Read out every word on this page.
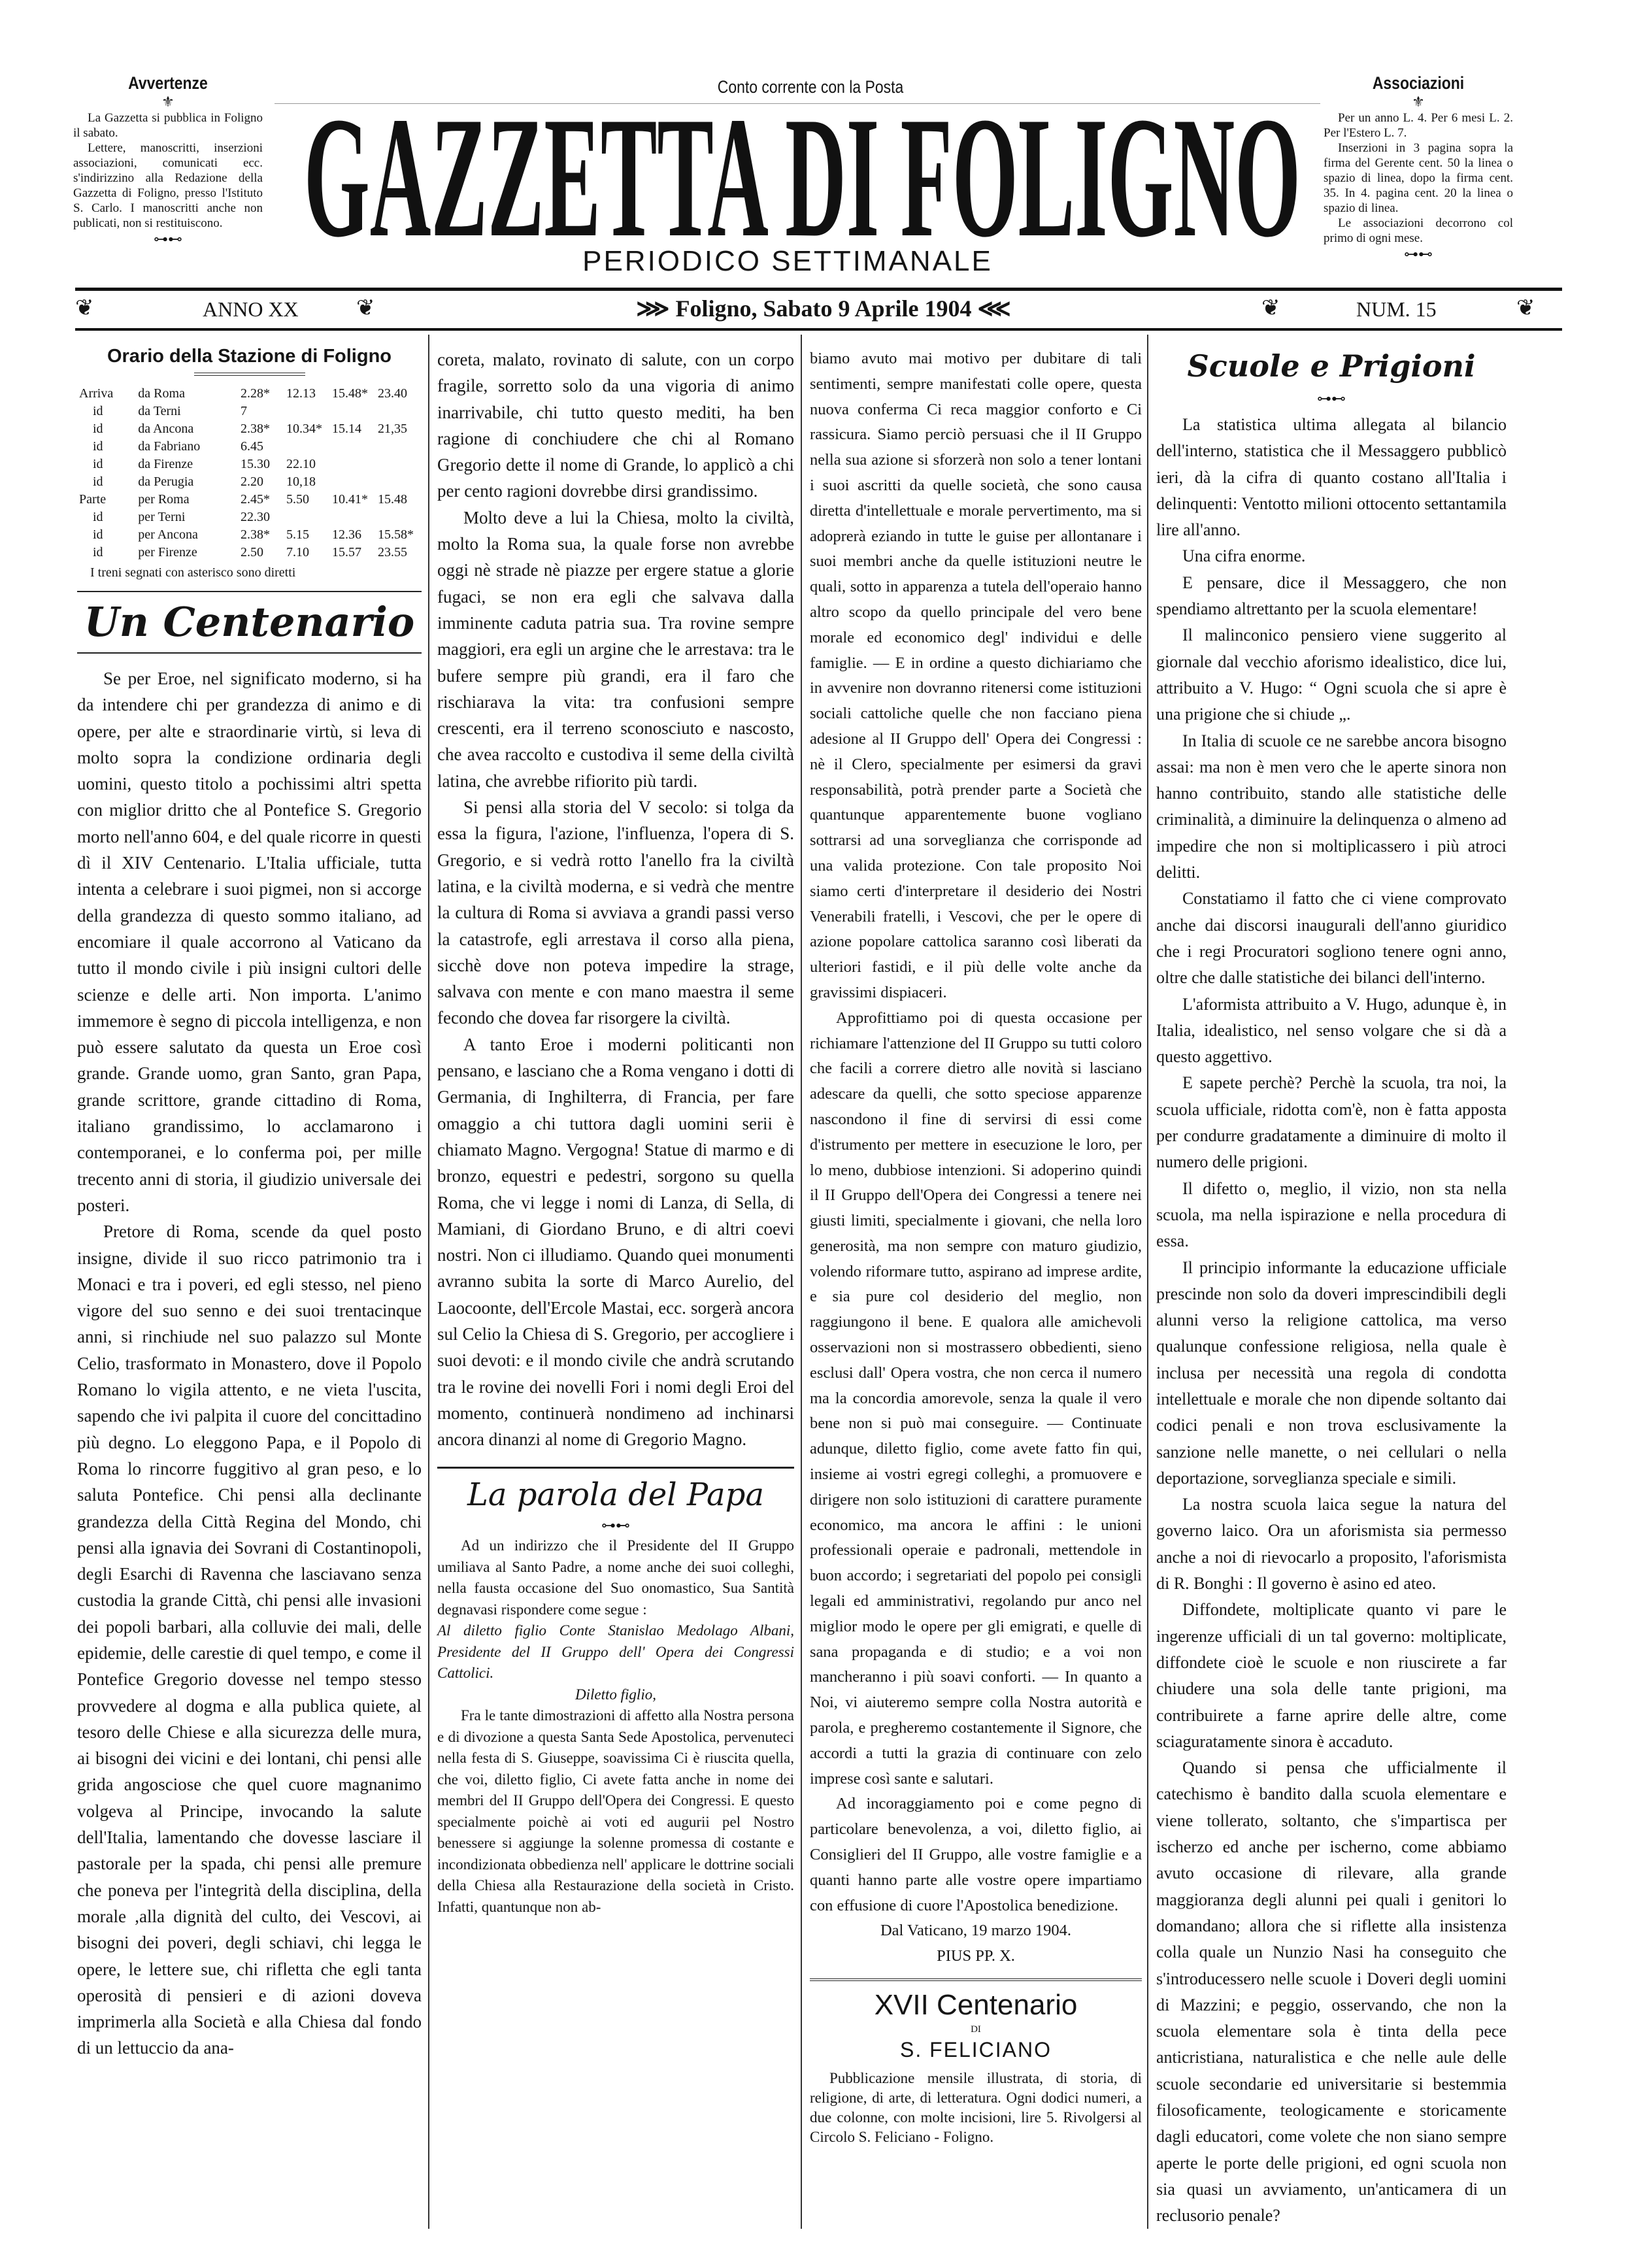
Avvertenze
⚜

La Gazzetta si pubblica in Foligno il sabato.

Lettere, manoscritti, inserzioni associazioni, comunicati ecc. s'indirizzino alla Redazione della Gazzetta di Foligno, presso l'Istituto S. Carlo. I manoscritti anche non publicati, non si restituiscono.

⊶⊷
Conto corrente con la Posta
GAZZETTA DI FOLIGNO
PERIODICO SETTIMANALE
Associazioni
⚜

Per un anno L. 4. Per 6 mesi L. 2. Per l'Estero L. 7.

Inserzioni in 3 pagina sopra la firma del Gerente cent. 50 la linea o spazio di linea, dopo la firma cent. 35. In 4. pagina cent. 20 la linea o spazio di linea.

Le associazioni decorrono col primo di ogni mese.

⊶⊷
❦	ANNO XX	❦	⋙ Foligno, Sabato 9 Aprile 1904 ⋘	❦	NUM. 15	❦
Orario della Stazione di Foligno
Arriva	da Roma	2.28*	12.13	15.48*	23.40
id	da Terni	7			
id	da Ancona	2.38*	10.34*	15.14	21,35
id	da Fabriano	6.45			
id	da Firenze	15.30	22.10		
id	da Perugia	2.20	10,18		
Parte	per Roma	2.45*	5.50	10.41*	15.48
id	per Terni	22.30			
id	per Ancona	2.38*	5.15	12.36	15.58*
id	per Firenze	2.50	7.10	15.57	23.55
I treni segnati con asterisco sono diretti
Un Centenario

Se per Eroe, nel significato moderno, si ha da intendere chi per grandezza di animo e di opere, per alte e straordinarie virtù, si leva di molto sopra la condizione ordinaria degli uomini, questo titolo a pochissimi altri spetta con miglior dritto che al Pontefice S. Gregorio morto nell'anno 604, e del quale ricorre in questi dì il XIV Centenario. L'Italia ufficiale, tutta intenta a celebrare i suoi pigmei, non si accorge della grandezza di questo sommo italiano, ad encomiare il quale accorrono al Vaticano da tutto il mondo civile i più insigni cultori delle scienze e delle arti. Non importa. L'animo immemore è segno di piccola intelligenza, e non può essere salutato da questa un Eroe così grande. Grande uomo, gran Santo, gran Papa, grande scrittore, grande cittadino di Roma, italiano grandissimo, lo acclamarono i contemporanei, e lo conferma poi, per mille trecento anni di storia, il giudizio universale dei posteri.

Pretore di Roma, scende da quel posto insigne, divide il suo ricco patrimonio tra i Monaci e tra i poveri, ed egli stesso, nel pieno vigore del suo senno e dei suoi trentacinque anni, si rinchiude nel suo palazzo sul Monte Celio, trasformato in Monastero, dove il Popolo Romano lo vigila attento, e ne vieta l'uscita, sapendo che ivi palpita il cuore del concittadino più degno. Lo eleggono Papa, e il Popolo di Roma lo rincorre fuggitivo al gran peso, e lo saluta Pontefice. Chi pensi alla declinante grandezza della Città Regina del Mondo, chi pensi alla ignavia dei Sovrani di Costantinopoli, degli Esarchi di Ravenna che lasciavano senza custodia la grande Città, chi pensi alle invasioni dei popoli barbari, alla colluvie dei mali, delle epidemie, delle carestie di quel tempo, e come il Pontefice Gregorio dovesse nel tempo stesso provvedere al dogma e alla publica quiete, al tesoro delle Chiese e alla sicurezza delle mura, ai bisogni dei vicini e dei lontani, chi pensi alle grida angosciose che quel cuore magnanimo volgeva al Principe, invocando la salute dell'Italia, lamentando che dovesse lasciare il pastorale per la spada, chi pensi alle premure che poneva per l'integrità della disciplina, della morale ,alla dignità del culto, dei Vescovi, ai bisogni dei poveri, degli schiavi, chi legga le opere, le lettere sue, chi rifletta che egli tanta operosità di pensieri e di azioni doveva imprimerla alla Società e alla Chiesa dal fondo di un lettuccio da ana-

coreta, malato, rovinato di salute, con un corpo fragile, sorretto solo da una vigoria di animo inarrivabile, chi tutto questo mediti, ha ben ragione di conchiudere che chi al Romano Gregorio dette il nome di Grande, lo applicò a chi per cento ragioni dovrebbe dirsi grandissimo.

Molto deve a lui la Chiesa, molto la civiltà, molto la Roma sua, la quale forse non avrebbe oggi nè strade nè piazze per ergere statue a glorie fugaci, se non era egli che salvava dalla imminente caduta patria sua. Tra rovine sempre maggiori, era egli un argine che le arrestava: tra le bufere sempre più grandi, era il faro che rischiarava la vita: tra confusioni sempre crescenti, era il terreno sconosciuto e nascosto, che avea raccolto e custodiva il seme della civiltà latina, che avrebbe rifiorito più tardi.

Si pensi alla storia del V secolo: si tolga da essa la figura, l'azione, l'influenza, l'opera di S. Gregorio, e si vedrà rotto l'anello fra la civiltà latina, e la civiltà moderna, e si vedrà che mentre la cultura di Roma si avviava a grandi passi verso la catastrofe, egli arrestava il corso alla piena, sicchè dove non poteva impedire la strage, salvava con mente e con mano maestra il seme fecondo che dovea far risorgere la civiltà.

A tanto Eroe i moderni politicanti non pensano, e lasciano che a Roma vengano i dotti di Germania, di Inghilterra, di Francia, per fare omaggio a chi tuttora dagli uomini serii è chiamato Magno. Vergogna! Statue di marmo e di bronzo, equestri e pedestri, sorgono su quella Roma, che vi legge i nomi di Lanza, di Sella, di Mamiani, di Giordano Bruno, e di altri coevi nostri. Non ci illudiamo. Quando quei monumenti avranno subita la sorte di Marco Aurelio, del Laocoonte, dell'Ercole Mastai, ecc. sorgerà ancora sul Celio la Chiesa di S. Gregorio, per accogliere i suoi devoti: e il mondo civile che andrà scrutando tra le rovine dei novelli Fori i nomi degli Eroi del momento, continuerà nondimeno ad inchinarsi ancora dinanzi al nome di Gregorio Magno.

La parola del Papa
⊶⊷

Ad un indirizzo che il Presidente del II Gruppo umiliava al Santo Padre, a nome anche dei suoi colleghi, nella fausta occasione del Suo onomastico, Sua Santità degnavasi rispondere come segue :

Al diletto figlio Conte Stanislao Medolago Albani, Presidente del II Gruppo dell' Opera dei Congressi Cattolici.

Diletto figlio,

Fra le tante dimostrazioni di affetto alla Nostra persona e di divozione a questa Santa Sede Apostolica, pervenuteci nella festa di S. Giuseppe, soavissima Ci è riuscita quella, che voi, diletto figlio, Ci avete fatta anche in nome dei membri del II Gruppo dell'Opera dei Congressi. E questo specialmente poichè ai voti ed augurii pel Nostro benessere si aggiunge la solenne promessa di costante e incondizionata obbedienza nell' applicare le dottrine sociali della Chiesa alla Restaurazione della società in Cristo. Infatti, quantunque non ab-

biamo avuto mai motivo per dubitare di tali sentimenti, sempre manifestati colle opere, questa nuova conferma Ci reca maggior conforto e Ci rassicura. Siamo perciò persuasi che il II Gruppo nella sua azione si sforzerà non solo a tener lontani i suoi ascritti da quelle società, che sono causa diretta d'intellettuale e morale pervertimento, ma si adoprerà eziando in tutte le guise per allontanare i suoi membri anche da quelle istituzioni neutre le quali, sotto in apparenza a tutela dell'operaio hanno altro scopo da quello principale del vero bene morale ed economico degl' individui e delle famiglie. — E in ordine a questo dichiariamo che in avvenire non dovranno ritenersi come istituzioni sociali cattoliche quelle che non facciano piena adesione al II Gruppo dell' Opera dei Congressi : nè il Clero, specialmente per esimersi da gravi responsabilità, potrà prender parte a Società che quantunque apparentemente buone vogliano sottrarsi ad una sorveglianza che corrisponde ad una valida protezione. Con tale proposito Noi siamo certi d'interpretare il desiderio dei Nostri Venerabili fratelli, i Vescovi, che per le opere di azione popolare cattolica saranno così liberati da ulteriori fastidi, e il più delle volte anche da gravissimi dispiaceri.

Approfittiamo poi di questa occasione per richiamare l'attenzione del II Gruppo su tutti coloro che facili a correre dietro alle novità si lasciano adescare da quelli, che sotto speciose apparenze nascondono il fine di servirsi di essi come d'istrumento per mettere in esecuzione le loro, per lo meno, dubbiose intenzioni. Si adoperino quindi il II Gruppo dell'Opera dei Congressi a tenere nei giusti limiti, specialmente i giovani, che nella loro generosità, ma non sempre con maturo giudizio, volendo riformare tutto, aspirano ad imprese ardite, e sia pure col desiderio del meglio, non raggiungono il bene. E qualora alle amichevoli osservazioni non si mostrassero obbedienti, sieno esclusi dall' Opera vostra, che non cerca il numero ma la concordia amorevole, senza la quale il vero bene non si può mai conseguire. — Continuate adunque, diletto figlio, come avete fatto fin qui, insieme ai vostri egregi colleghi, a promuovere e dirigere non solo istituzioni di carattere puramente economico, ma ancora le affini : le unioni professionali operaie e padronali, mettendole in buon accordo; i segretariati del popolo pei consigli legali ed amministrativi, regolando pur anco nel miglior modo le opere per gli emigrati, e quelle di sana propaganda e di studio; e a voi non mancheranno i più soavi conforti. — In quanto a Noi, vi aiuteremo sempre colla Nostra autorità e parola, e pregheremo costantemente il Signore, che accordi a tutti la grazia di continuare con zelo imprese così sante e salutari.

Ad incoraggiamento poi e come pegno di particolare benevolenza, a voi, diletto figlio, ai Consiglieri del II Gruppo, alle vostre famiglie e a quanti hanno parte alle vostre opere impartiamo con effusione di cuore l'Apostolica benedizione.

Dal Vaticano, 19 marzo 1904.

PIUS PP. X.

XVII Centenario
DI
S. FELICIANO
Pubblicazione mensile illustrata, di storia, di religione, di arte, di letteratura. Ogni dodici numeri, a due colonne, con molte incisioni, lire 5. Rivolgersi al Circolo S. Feliciano - Foligno.
Scuole e Prigioni
⊶⊷

La statistica ultima allegata al bilancio dell'interno, statistica che il Messaggero pubblicò ieri, dà la cifra di quanto costano all'Italia i delinquenti: Ventotto milioni ottocento settantamila lire all'anno.

Una cifra enorme.

E pensare, dice il Messaggero, che non spendiamo altrettanto per la scuola elementare!

Il malinconico pensiero viene suggerito al giornale dal vecchio aforismo idealistico, dice lui, attribuito a V. Hugo: “ Ogni scuola che si apre è una prigione che si chiude „.

In Italia di scuole ce ne sarebbe ancora bisogno assai: ma non è men vero che le aperte sinora non hanno contribuito, stando alle statistiche delle criminalità, a diminuire la delinquenza o almeno ad impedire che non si moltiplicassero i più atroci delitti.

Constatiamo il fatto che ci viene comprovato anche dai discorsi inaugurali dell'anno giuridico che i regi Procuratori sogliono tenere ogni anno, oltre che dalle statistiche dei bilanci dell'interno.

L'aformista attribuito a V. Hugo, adunque è, in Italia, idealistico, nel senso volgare che si dà a questo aggettivo.

E sapete perchè? Perchè la scuola, tra noi, la scuola ufficiale, ridotta com'è, non è fatta apposta per condurre gradatamente a diminuire di molto il numero delle prigioni.

Il difetto o, meglio, il vizio, non sta nella scuola, ma nella ispirazione e nella procedura di essa.

Il principio informante la educazione ufficiale prescinde non solo da doveri imprescindibili degli alunni verso la religione cattolica, ma verso qualunque confessione religiosa, nella quale è inclusa per necessità una regola di condotta intellettuale e morale che non dipende soltanto dai codici penali e non trova esclusivamente la sanzione nelle manette, o nei cellulari o nella deportazione, sorveglianza speciale e simili.

La nostra scuola laica segue la natura del governo laico. Ora un aforismista sia permesso anche a noi di rievocarlo a proposito, l'aforismista di R. Bonghi : Il governo è asino ed ateo.

Diffondete, moltiplicate quanto vi pare le ingerenze ufficiali di un tal governo: moltiplicate, diffondete cioè le scuole e non riuscirete a far chiudere una sola delle tante prigioni, ma contribuirete a farne aprire delle altre, come sciaguratamente sinora è accaduto.

Quando si pensa che ufficialmente il catechismo è bandito dalla scuola elementare e viene tollerato, soltanto, che s'impartisca per ischerzo ed anche per ischerno, come abbiamo avuto occasione di rilevare, alla grande maggioranza degli alunni pei quali i genitori lo domandano; allora che si riflette alla insistenza colla quale un Nunzio Nasi ha conseguito che s'introducessero nelle scuole i Doveri degli uomini di Mazzini; e peggio, osservando, che non la scuola elementare sola è tinta della pece anticristiana, naturalistica e che nelle aule delle scuole secondarie ed universitarie si bestemmia filosoficamente, teologicamente e storicamente dagli educatori, come volete che non siano sempre aperte le porte delle prigioni, ed ogni scuola non sia quasi un avviamento, un'anticamera di un reclusorio penale?
